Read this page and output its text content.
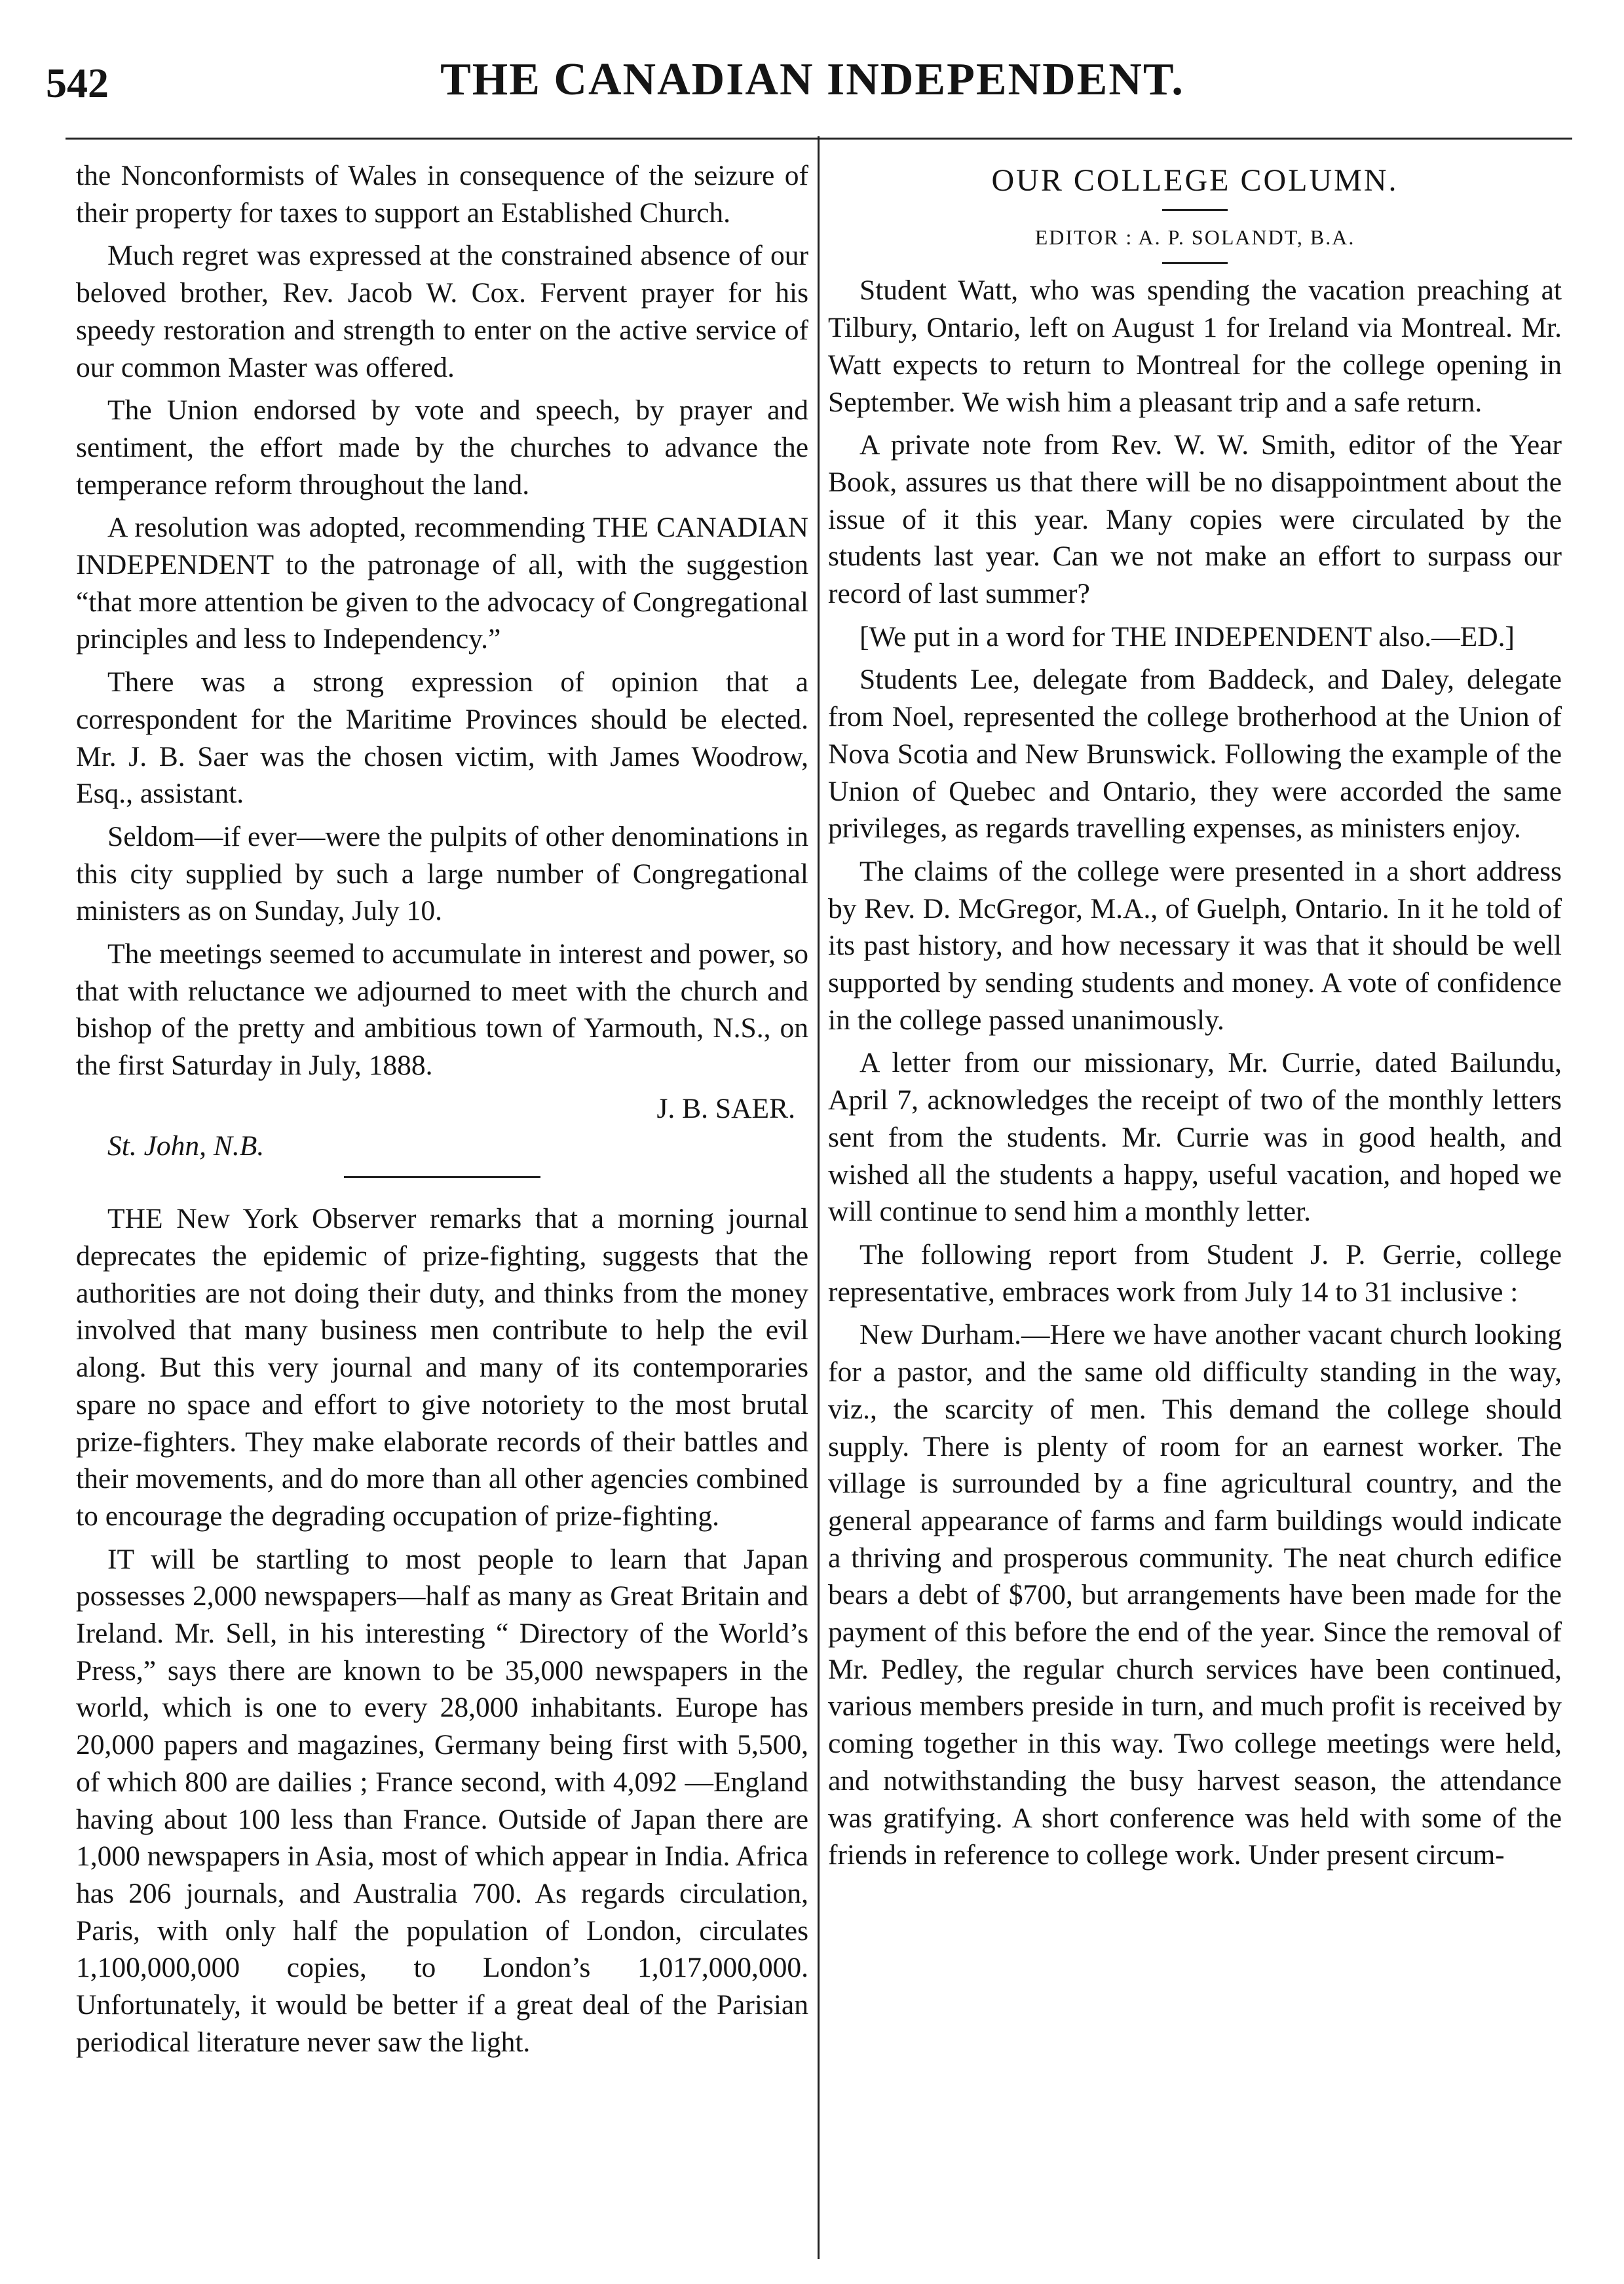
542	THE CANADIAN INDEPENDENT.

the Nonconformists of Wales in consequence of the seizure of their property for taxes to support an Established Church.

Much regret was expressed at the constrained absence of our beloved brother, Rev. Jacob W. Cox. Fervent prayer for his speedy restoration and strength to enter on the active service of our common Master was offered.

The Union endorsed by vote and speech, by prayer and sentiment, the effort made by the churches to advance the temperance reform throughout the land.

A resolution was adopted, recommending THE CANADIAN INDEPENDENT to the patronage of all, with the suggestion “that more attention be given to the advocacy of Congregational principles and less to Independency.”

There was a strong expression of opinion that a correspondent for the Maritime Provinces should be elected. Mr. J. B. Saer was the chosen victim, with James Woodrow, Esq., assistant.

Seldom—if ever—were the pulpits of other denominations in this city supplied by such a large number of Congregational ministers as on Sunday, July 10.

The meetings seemed to accumulate in interest and power, so that with reluctance we adjourned to meet with the church and bishop of the pretty and ambitious town of Yarmouth, N.S., on the first Saturday in July, 1888.

J. B. SAER.
St. John, N.B.

THE New York Observer remarks that a morning journal deprecates the epidemic of prize-fighting, suggests that the authorities are not doing their duty, and thinks from the money involved that many business men contribute to help the evil along. But this very journal and many of its contemporaries spare no space and effort to give notoriety to the most brutal prize-fighters. They make elaborate records of their battles and their movements, and do more than all other agencies combined to encourage the degrading occupation of prize-fighting.

IT will be startling to most people to learn that Japan possesses 2,000 newspapers—half as many as Great Britain and Ireland. Mr. Sell, in his interesting “ Directory of the World’s Press,” says there are known to be 35,000 newspapers in the world, which is one to every 28,000 inhabitants. Europe has 20,000 papers and magazines, Germany being first with 5,500, of which 800 are dailies ; France second, with 4,092 —England having about 100 less than France. Outside of Japan there are 1,000 newspapers in Asia, most of which appear in India. Africa has 206 journals, and Australia 700. As regards circulation, Paris, with only half the population of London, circulates 1,100,000,000 copies, to London’s 1,017,000,000. Unfortunately, it would be better if a great deal of the Parisian periodical literature never saw the light.

OUR COLLEGE COLUMN.
EDITOR : A. P. SOLANDT, B.A.

Student Watt, who was spending the vacation preaching at Tilbury, Ontario, left on August 1 for Ireland via Montreal. Mr. Watt expects to return to Montreal for the college opening in September. We wish him a pleasant trip and a safe return.

A private note from Rev. W. W. Smith, editor of the Year Book, assures us that there will be no disappointment about the issue of it this year. Many copies were circulated by the students last year. Can we not make an effort to surpass our record of last summer?

[We put in a word for THE INDEPENDENT also.—ED.]

Students Lee, delegate from Baddeck, and Daley, delegate from Noel, represented the college brotherhood at the Union of Nova Scotia and New Brunswick. Following the example of the Union of Quebec and Ontario, they were accorded the same privileges, as regards travelling expenses, as ministers enjoy.

The claims of the college were presented in a short address by Rev. D. McGregor, M.A., of Guelph, Ontario. In it he told of its past history, and how necessary it was that it should be well supported by sending students and money. A vote of confidence in the college passed unanimously.

A letter from our missionary, Mr. Currie, dated Bailundu, April 7, acknowledges the receipt of two of the monthly letters sent from the students. Mr. Currie was in good health, and wished all the students a happy, useful vacation, and hoped we will continue to send him a monthly letter.

The following report from Student J. P. Gerrie, college representative, embraces work from July 14 to 31 inclusive :

New Durham.—Here we have another vacant church looking for a pastor, and the same old difficulty standing in the way, viz., the scarcity of men. This demand the college should supply. There is plenty of room for an earnest worker. The village is surrounded by a fine agricultural country, and the general appearance of farms and farm buildings would indicate a thriving and prosperous community. The neat church edifice bears a debt of $700, but arrangements have been made for the payment of this before the end of the year. Since the removal of Mr. Pedley, the regular church services have been continued, various members preside in turn, and much profit is received by coming together in this way. Two college meetings were held, and notwithstanding the busy harvest season, the attendance was gratifying. A short conference was held with some of the friends in reference to college work. Under present circum-
